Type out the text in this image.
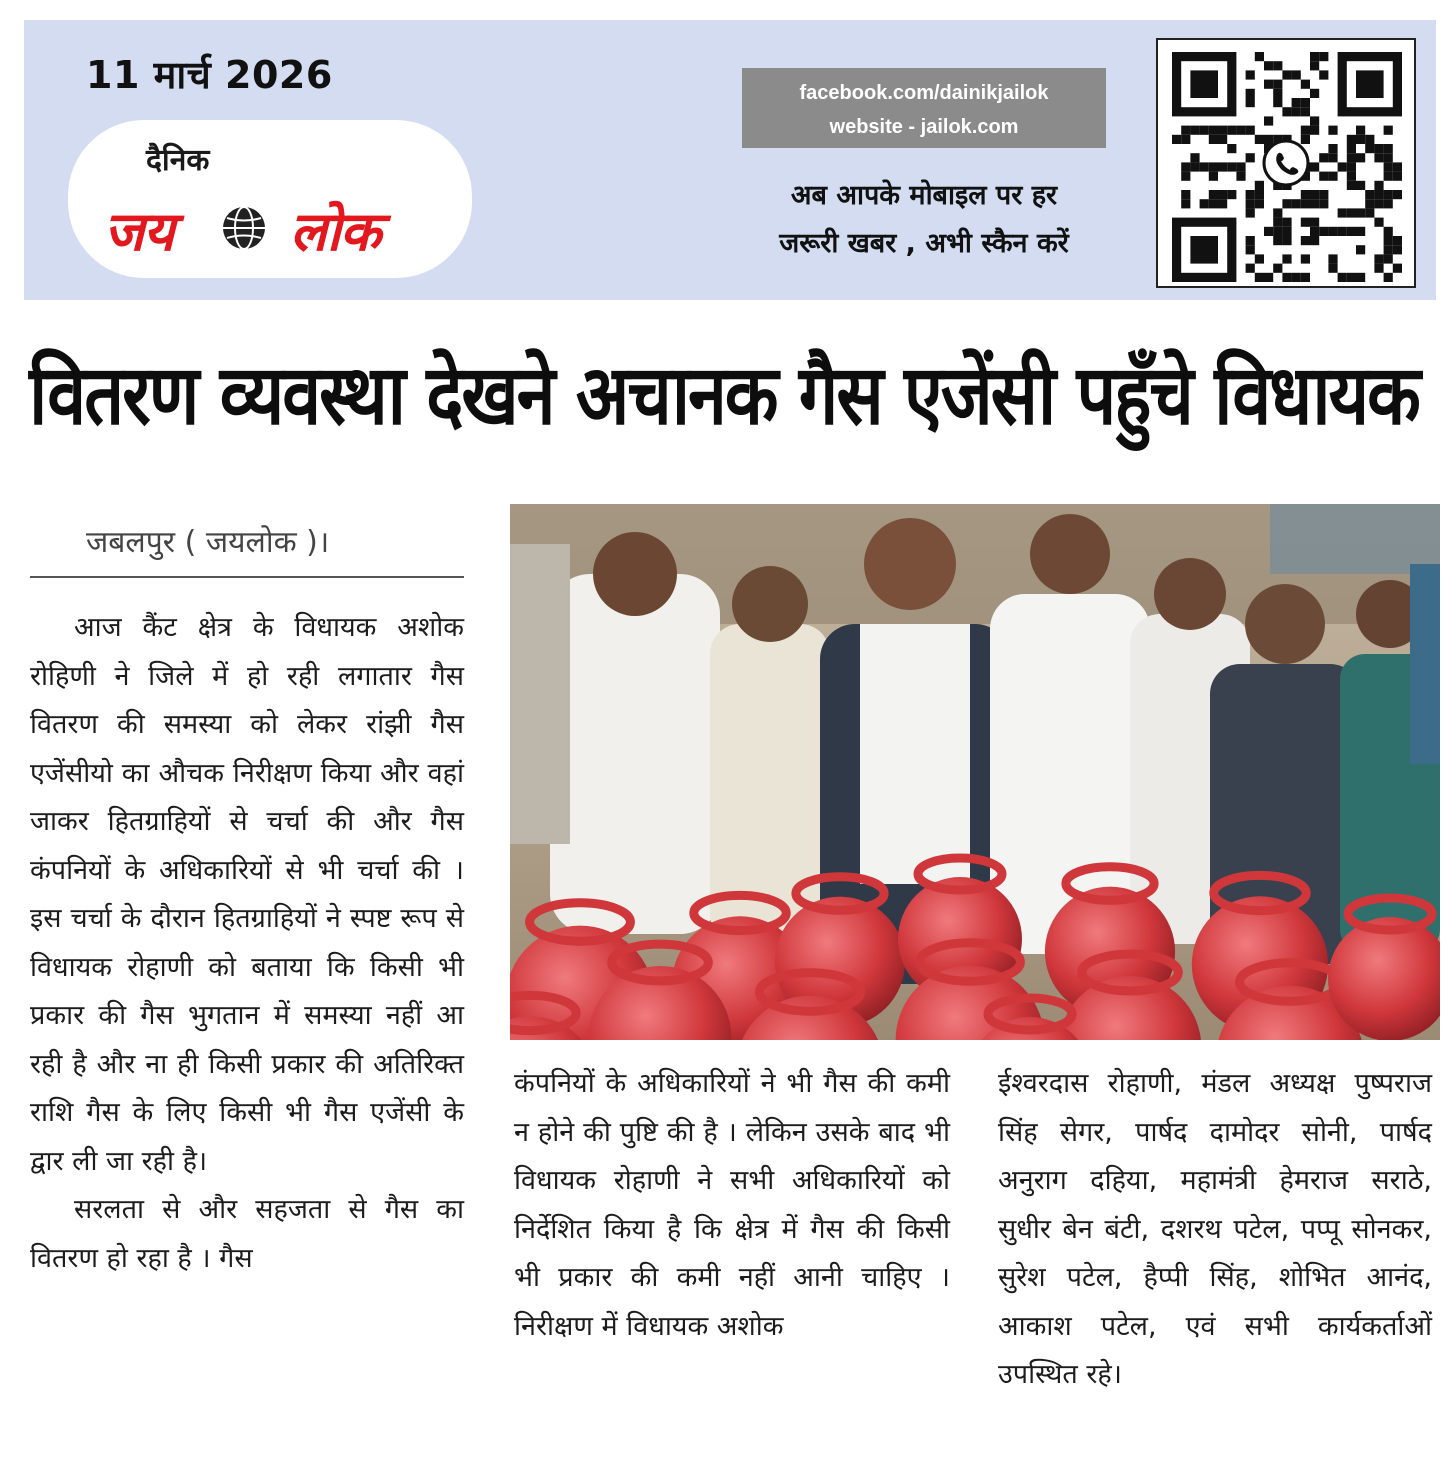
11 मार्च 2026
दैनिक
जय लोक
facebook.com/dainikjailok
website - jailok.com
अब आपके मोबाइल पर हर
जरूरी खबर , अभी स्कैन करें
वितरण व्यवस्था देखने अचानक गैस एजेंसी पहुँचे विधायक
जबलपुर ( जयलोक )।

आज कैंट क्षेत्र के विधायक अशोक रोहिणी ने जिले में हो रही लगातार गैस वितरण की समस्या को लेकर रांझी गैस एजेंसीयो का औचक निरीक्षण किया और वहां जाकर हितग्राहियों से चर्चा की और गैस कंपनियों के अधिकारियों से भी चर्चा की । इस चर्चा के दौरान हितग्राहियों ने स्पष्ट रूप से विधायक रोहाणी को बताया कि किसी भी प्रकार की गैस भुगतान में समस्या नहीं आ रही है और ना ही किसी प्रकार की अतिरिक्त राशि गैस के लिए किसी भी गैस एजेंसी के द्वार ली जा रही है।

सरलता से और सहजता से गैस का वितरण हो रहा है । गैस

कंपनियों के अधिकारियों ने भी गैस की कमी न होने की पुष्टि की है । लेकिन उसके बाद भी विधायक रोहाणी ने सभी अधिकारियों को निर्देशित किया है कि क्षेत्र में गैस की किसी भी प्रकार की कमी नहीं आनी चाहिए । निरीक्षण में विधायक अशोक

ईश्वरदास रोहाणी, मंडल अध्यक्ष पुष्पराज सिंह सेगर, पार्षद दामोदर सोनी, पार्षद अनुराग दहिया, महामंत्री हेमराज सराठे, सुधीर बेन बंटी, दशरथ पटेल, पप्पू सोनकर, सुरेश पटेल, हैप्पी सिंह, शोभित आनंद, आकाश पटेल, एवं सभी कार्यकर्ताओं उपस्थित रहे।
